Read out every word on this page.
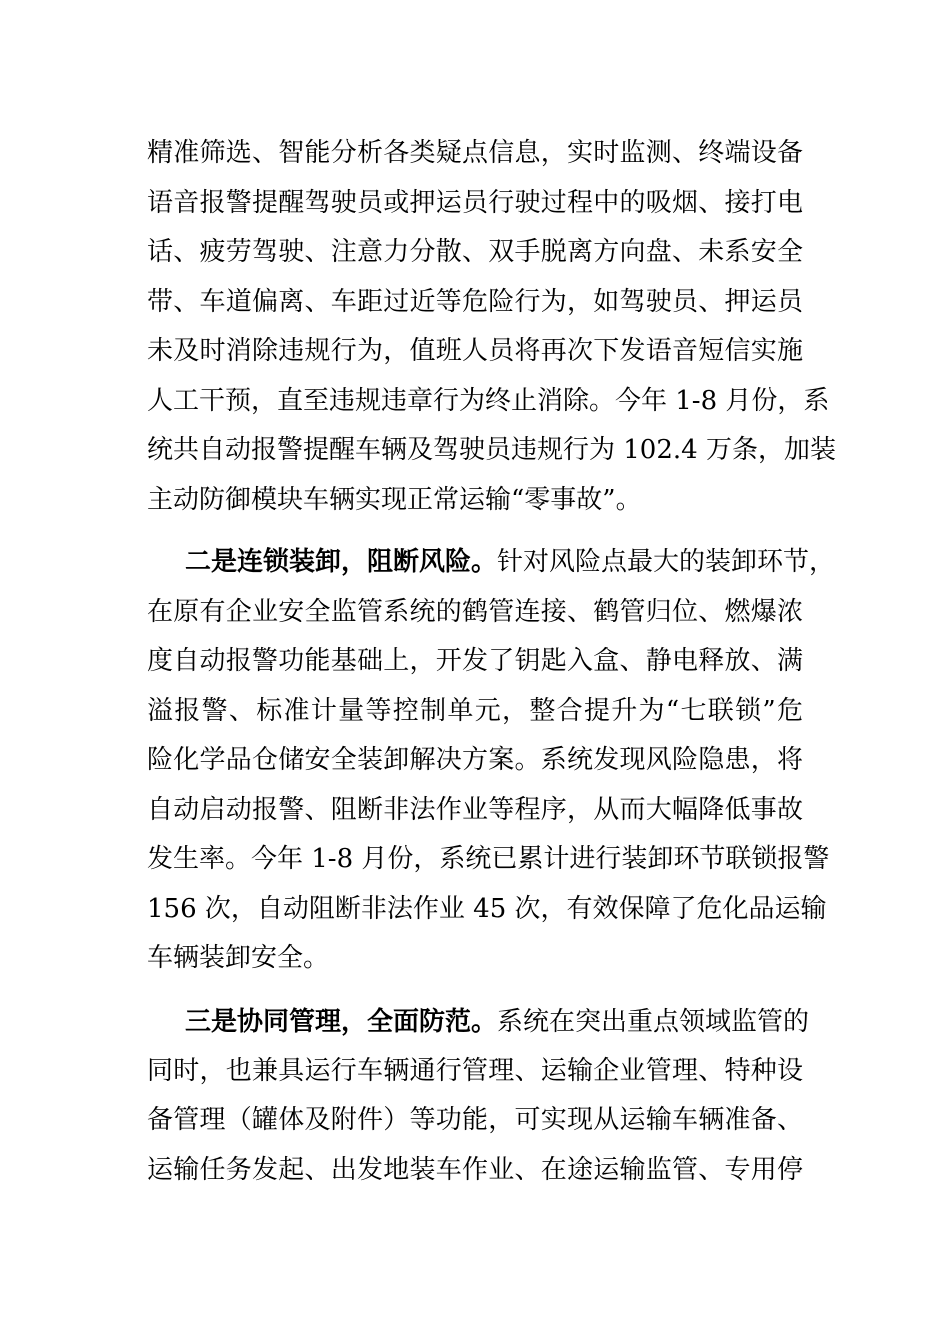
精准筛选、智能分析各类疑点信息，实时监测、终端设备
语音报警提醒驾驶员或押运员行驶过程中的吸烟、接打电
话、疲劳驾驶、注意力分散、双手脱离方向盘、未系安全
带、车道偏离、车距过近等危险行为，如驾驶员、押运员
未及时消除违规行为，值班人员将再次下发语音短信实施
人工干预，直至违规违章行为终止消除。今年 1-8 月份，系
统共自动报警提醒车辆及驾驶员违规行为 102.4 万条，加装
主动防御模块车辆实现正常运输“零事故”。
二是连锁装卸，阻断风险。针对风险点最大的装卸环节，
在原有企业安全监管系统的鹤管连接、鹤管归位、燃爆浓
度自动报警功能基础上，开发了钥匙入盒、静电释放、满
溢报警、标准计量等控制单元，整合提升为“七联锁”危
险化学品仓储安全装卸解决方案。系统发现风险隐患，将
自动启动报警、阻断非法作业等程序，从而大幅降低事故
发生率。今年 1-8 月份，系统已累计进行装卸环节联锁报警
156 次，自动阻断非法作业 45 次，有效保障了危化品运输
车辆装卸安全。
三是协同管理，全面防范。系统在突出重点领域监管的
同时，也兼具运行车辆通行管理、运输企业管理、特种设
备管理（罐体及附件）等功能，可实现从运输车辆准备、
运输任务发起、出发地装车作业、在途运输监管、专用停
